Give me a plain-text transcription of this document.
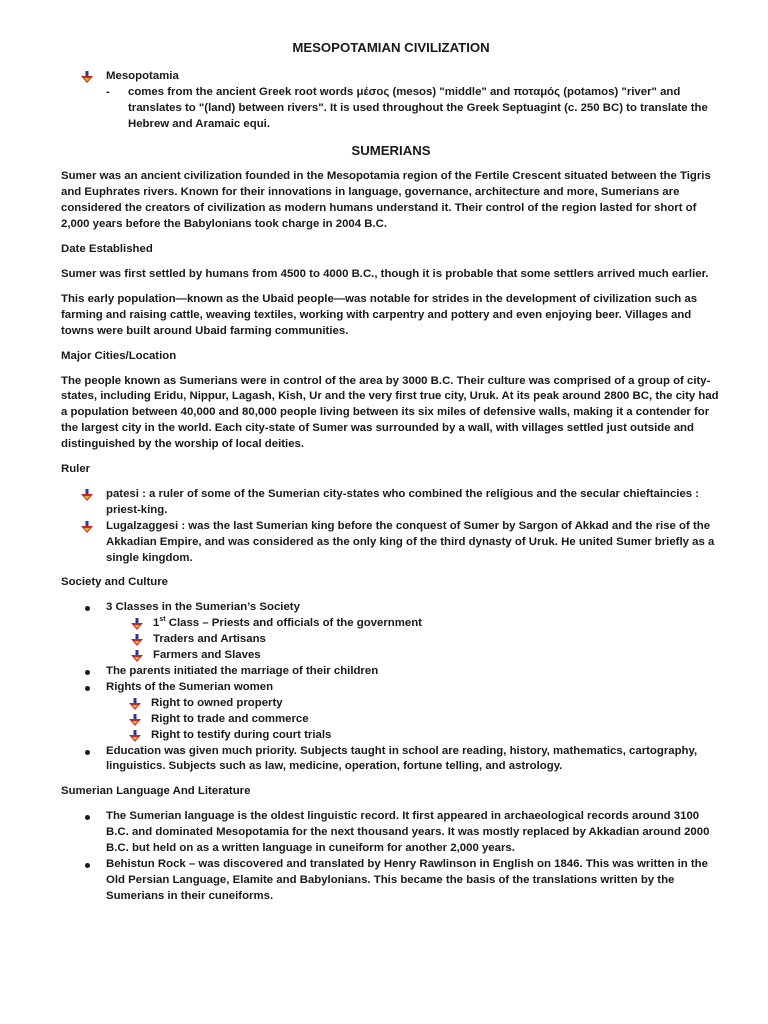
MESOPOTAMIAN CIVILIZATION
Mesopotamia
- comes from the ancient Greek root words μέσος (mesos) "middle" and ποταμός (potamos) "river" and translates to "(land) between rivers". It is used throughout the Greek Septuagint (c. 250 BC) to translate the Hebrew and Aramaic equi.
SUMERIANS

Sumer was an ancient civilization founded in the Mesopotamia region of the Fertile Crescent situated between the Tigris and Euphrates rivers. Known for their innovations in language, governance, architecture and more, Sumerians are considered the creators of civilization as modern humans understand it. Their control of the region lasted for short of 2,000 years before the Babylonians took charge in 2004 B.C.

Date Established

Sumer was first settled by humans from 4500 to 4000 B.C., though it is probable that some settlers arrived much earlier.

This early population—known as the Ubaid people—was notable for strides in the development of civilization such as farming and raising cattle, weaving textiles, working with carpentry and pottery and even enjoying beer. Villages and towns were built around Ubaid farming communities.

Major Cities/Location

The people known as Sumerians were in control of the area by 3000 B.C. Their culture was comprised of a group of city-states, including Eridu, Nippur, Lagash, Kish, Ur and the very first true city, Uruk. At its peak around 2800 BC, the city had a population between 40,000 and 80,000 people living between its six miles of defensive walls, making it a contender for the largest city in the world. Each city-state of Sumer was surrounded by a wall, with villages settled just outside and distinguished by the worship of local deities.

Ruler
patesi : a ruler of some of the Sumerian city-states who combined the religious and the secular chieftaincies : priest-king.
Lugalzaggesi : was the last Sumerian king before the conquest of Sumer by Sargon of Akkad and the rise of the Akkadian Empire, and was considered as the only king of the third dynasty of Uruk. He united Sumer briefly as a single kingdom.
Society and Culture
3 Classes in the Sumerian’s Society
1st Class – Priests and officials of the government
Traders and Artisans
Farmers and Slaves
The parents initiated the marriage of their children
Rights of the Sumerian women
Right to owned property
Right to trade and commerce
Right to testify during court trials
Education was given much priority. Subjects taught in school are reading, history, mathematics, cartography, linguistics. Subjects such as law, medicine, operation, fortune telling, and astrology.
Sumerian Language And Literature
The Sumerian language is the oldest linguistic record. It first appeared in archaeological records around 3100 B.C. and dominated Mesopotamia for the next thousand years. It was mostly replaced by Akkadian around 2000 B.C. but held on as a written language in cuneiform for another 2,000 years.
Behistun Rock – was discovered and translated by Henry Rawlinson in English on 1846. This was written in the Old Persian Language, Elamite and Babylonians. This became the basis of the translations written by the Sumerians in their cuneiforms.
